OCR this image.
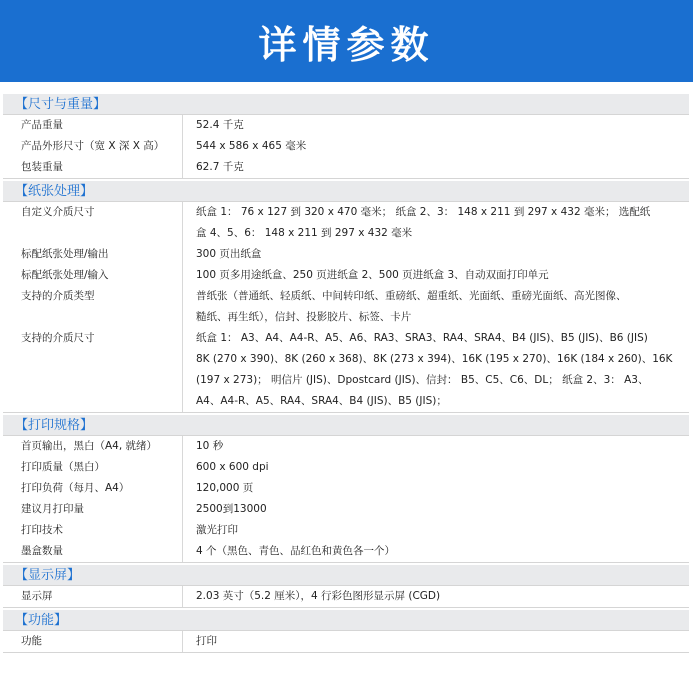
详情参数
【尺寸与重量】
产品重量	52.4 千克
产品外形尺寸（宽 X 深 X 高）	544 x 586 x 465 毫米
包装重量	62.7 千克
【纸张处理】
自定义介质尺寸	纸盒 1： 76 x 127 到 320 x 470 毫米； 纸盒 2、3： 148 x 211 到 297 x 432 毫米； 选配纸
盒 4、5、6： 148 x 211 到 297 x 432 毫米
标配纸张处理/输出	300 页出纸盒
标配纸张处理/输入	100 页多用途纸盒、250 页进纸盒 2、500 页进纸盒 3、自动双面打印单元
支持的介质类型	普纸张（普通纸、轻质纸、中间转印纸、重磅纸、超重纸、光面纸、重磅光面纸、高光图像、
糙纸、再生纸），信封、投影胶片、标签、卡片
支持的介质尺寸	纸盒 1： A3、A4、A4-R、A5、A6、RA3、SRA3、RA4、SRA4、B4 (JIS)、B5 (JIS)、B6 (JIS)
8K (270 x 390)、8K (260 x 368)、8K (273 x 394)、16K (195 x 270)、16K (184 x 260)、16K
(197 x 273)； 明信片 (JIS)、Dpostcard (JIS)、信封： B5、C5、C6、DL； 纸盒 2、3： A3、
A4、A4-R、A5、RA4、SRA4、B4 (JIS)、B5 (JIS)；
【打印规格】
首页输出，黑白（A4, 就绪）	10 秒
打印质量（黑白）	600 x 600 dpi
打印负荷（每月、A4）	120,000 页
建议月打印量	2500到13000
打印技术	激光打印
墨盒数量	4 个（黑色、青色、品红色和黄色各一个）
【显示屏】
显示屏	2.03 英寸（5.2 厘米），4 行彩色图形显示屏 (CGD)
【功能】
功能	打印
